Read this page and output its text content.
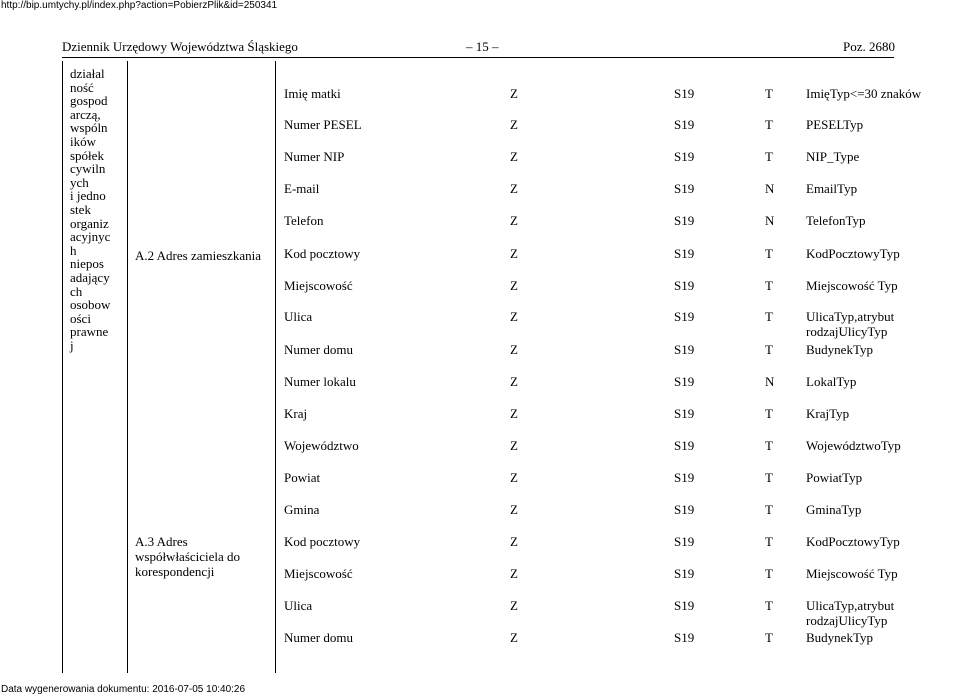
http://bip.umtychy.pl/index.php?action=PobierzPlik&id=250341
Dziennik Urzędowy Województwa Śląskiego	– 15 –	Poz. 2680
działal
ność
gospod
arczą,
wspóln
ików
spółek
cywiln
ych
i jedno
stek
organiz
acyjnyc
h
niepos
adający
ch
osobow
ości
prawne
j
A.2 Adres zamieszkania
A.3 Adres współwłaściciela do korespondencji
Imię matki	Z	S19	T	ImięTyp<=30 znaków
Numer PESEL	Z	S19	T	PESELTyp
Numer NIP	Z	S19	T	NIP_Type
E-mail	Z	S19	N EmailTyp
Telefon	Z	S19	N TelefonTyp
Kod pocztowy	Z	S19	T	KodPocztowyTyp
Miejscowość	Z	S19	T	Miejscowość Typ
Ulica	Z	S19	T	UlicaTyp,atrybut
rodzajUlicyTyp
Numer domu	Z	S19	T	BudynekTyp
Numer lokalu	Z	S19	N LokalTyp
Kraj	Z	S19	T	KrajTyp
Województwo	Z	S19	T	WojewództwoTyp
Powiat	Z	S19	T	PowiatTyp
Gmina	Z	S19	T	GminaTyp
Kod pocztowy	Z	S19	T	KodPocztowyTyp
Miejscowość	Z	S19	T	Miejscowość Typ
Ulica	Z	S19	T	UlicaTyp,atrybut
rodzajUlicyTyp
Numer domu	Z	S19	T	BudynekTyp
Data wygenerowania dokumentu: 2016-07-05 10:40:26
